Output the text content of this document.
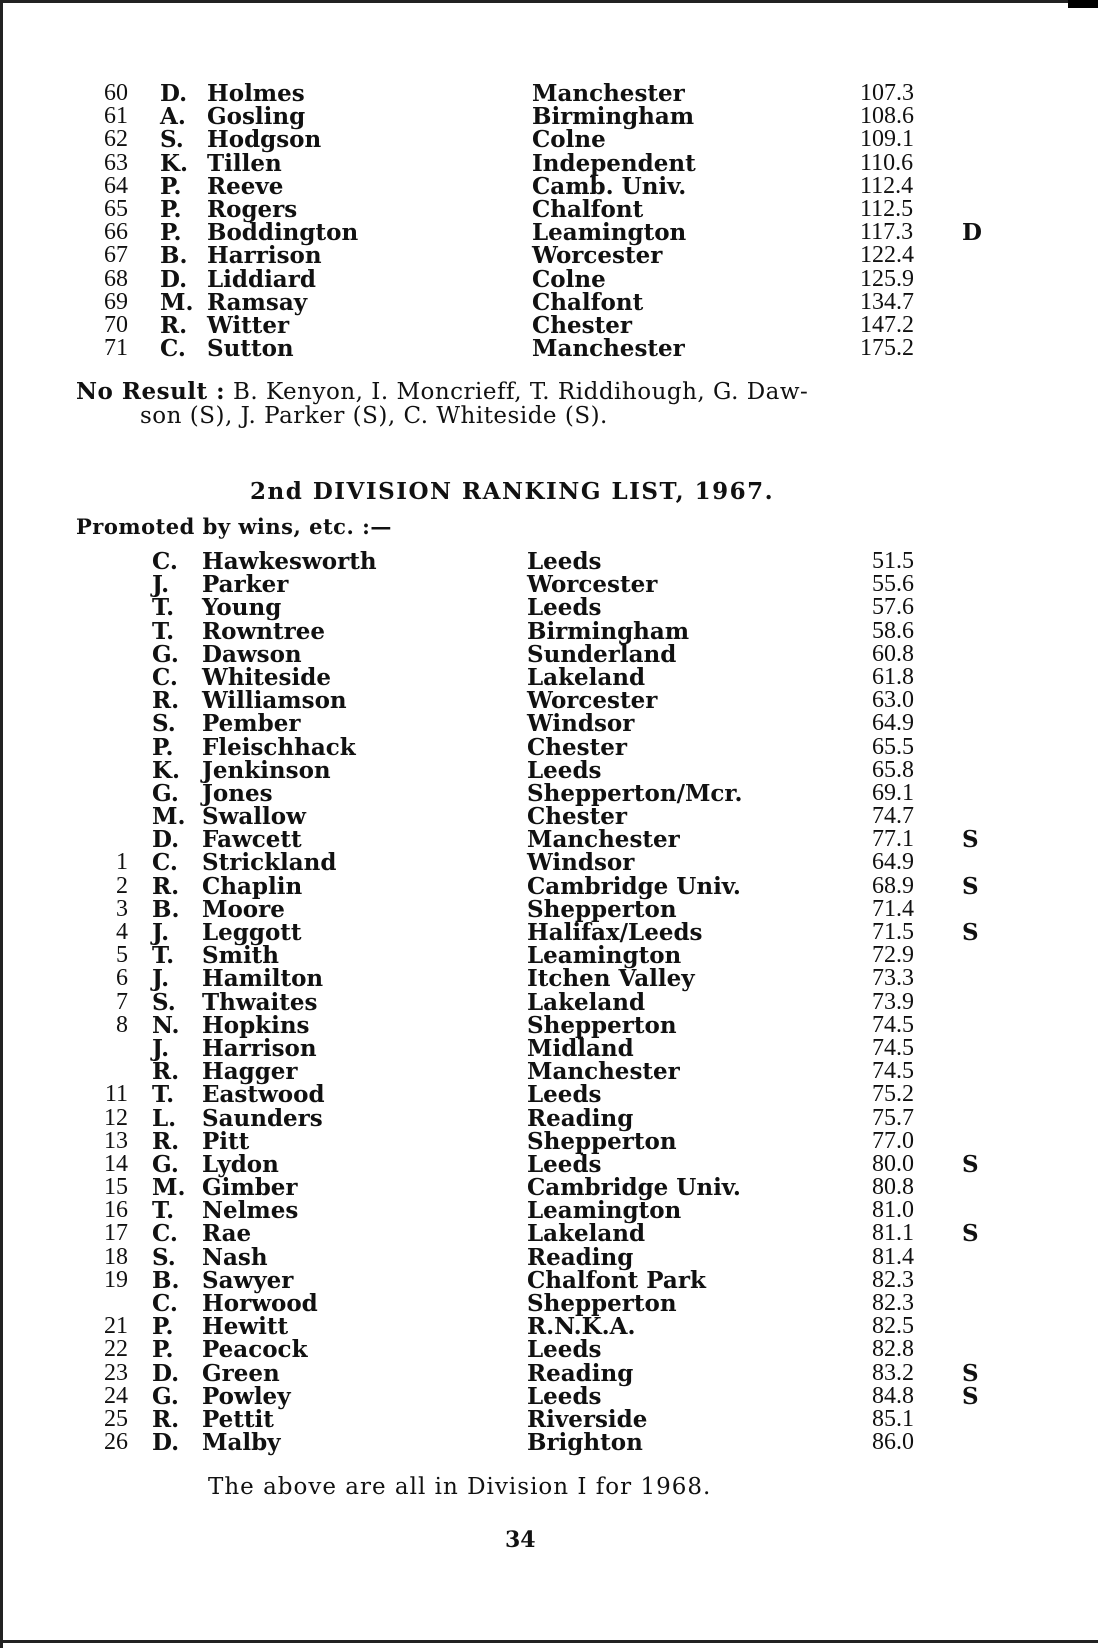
60 D. Holmes	Manchester	107.3
61 A. Gosling	Birmingham	108.6
62 S. Hodgson	Colne	109.1
63 K. Tillen	Independent	110.6
64 P. Reeve	Camb. Univ.	112.4
65 P. Rogers	Chalfont	112.5
66 P. Boddington	Leamington	117.3 D
67 B. Harrison	Worcester	122.4
68 D. Liddiard	Colne	125.9
69 M. Ramsay	Chalfont	134.7
70 R. Witter	Chester	147.2
71 C. Sutton	Manchester	175.2
No Result : B. Kenyon, I. Moncrieff, T. Riddihough, G. Daw-
son (S), J. Parker (S), C. Whiteside (S).
2nd DIVISION RANKING LIST, 1967.
Promoted by wins, etc. :—
C. Hawkesworth	Leeds	51.5
J. Parker	Worcester	55.6
T. Young	Leeds	57.6
T. Rowntree	Birmingham	58.6
G. Dawson	Sunderland	60.8
C. Whiteside	Lakeland	61.8
R. Williamson	Worcester	63.0
S. Pember	Windsor	64.9
P. Fleischhack	Chester	65.5
K. Jenkinson	Leeds	65.8
G. Jones	Shepperton/Mcr.	69.1
M. Swallow	Chester	74.7
D. Fawcett	Manchester	77.1 S
1 C. Strickland	Windsor	64.9
2 R. Chaplin	Cambridge Univ.	68.9 S
3 B. Moore	Shepperton	71.4
4 J. Leggott	Halifax/Leeds	71.5 S
5 T. Smith	Leamington	72.9
6 J. Hamilton	Itchen Valley	73.3
7 S. Thwaites	Lakeland	73.9
8 N. Hopkins	Shepperton	74.5
J. Harrison	Midland	74.5
R. Hagger	Manchester	74.5
11 T. Eastwood	Leeds	75.2
12 L. Saunders	Reading	75.7
13 R. Pitt	Shepperton	77.0
14 G. Lydon	Leeds	80.0 S
15 M. Gimber	Cambridge Univ.	80.8
16 T. Nelmes	Leamington	81.0
17 C. Rae	Lakeland	81.1 S
18 S. Nash	Reading	81.4
19 B. Sawyer	Chalfont Park	82.3
C. Horwood	Shepperton	82.3
21 P. Hewitt	R.N.K.A.	82.5
22 P. Peacock	Leeds	82.8
23 D. Green	Reading	83.2 S
24 G. Powley	Leeds	84.8 S
25 R. Pettit	Riverside	85.1
26 D. Malby	Brighton	86.0
The above are all in Division I for 1968.
34
